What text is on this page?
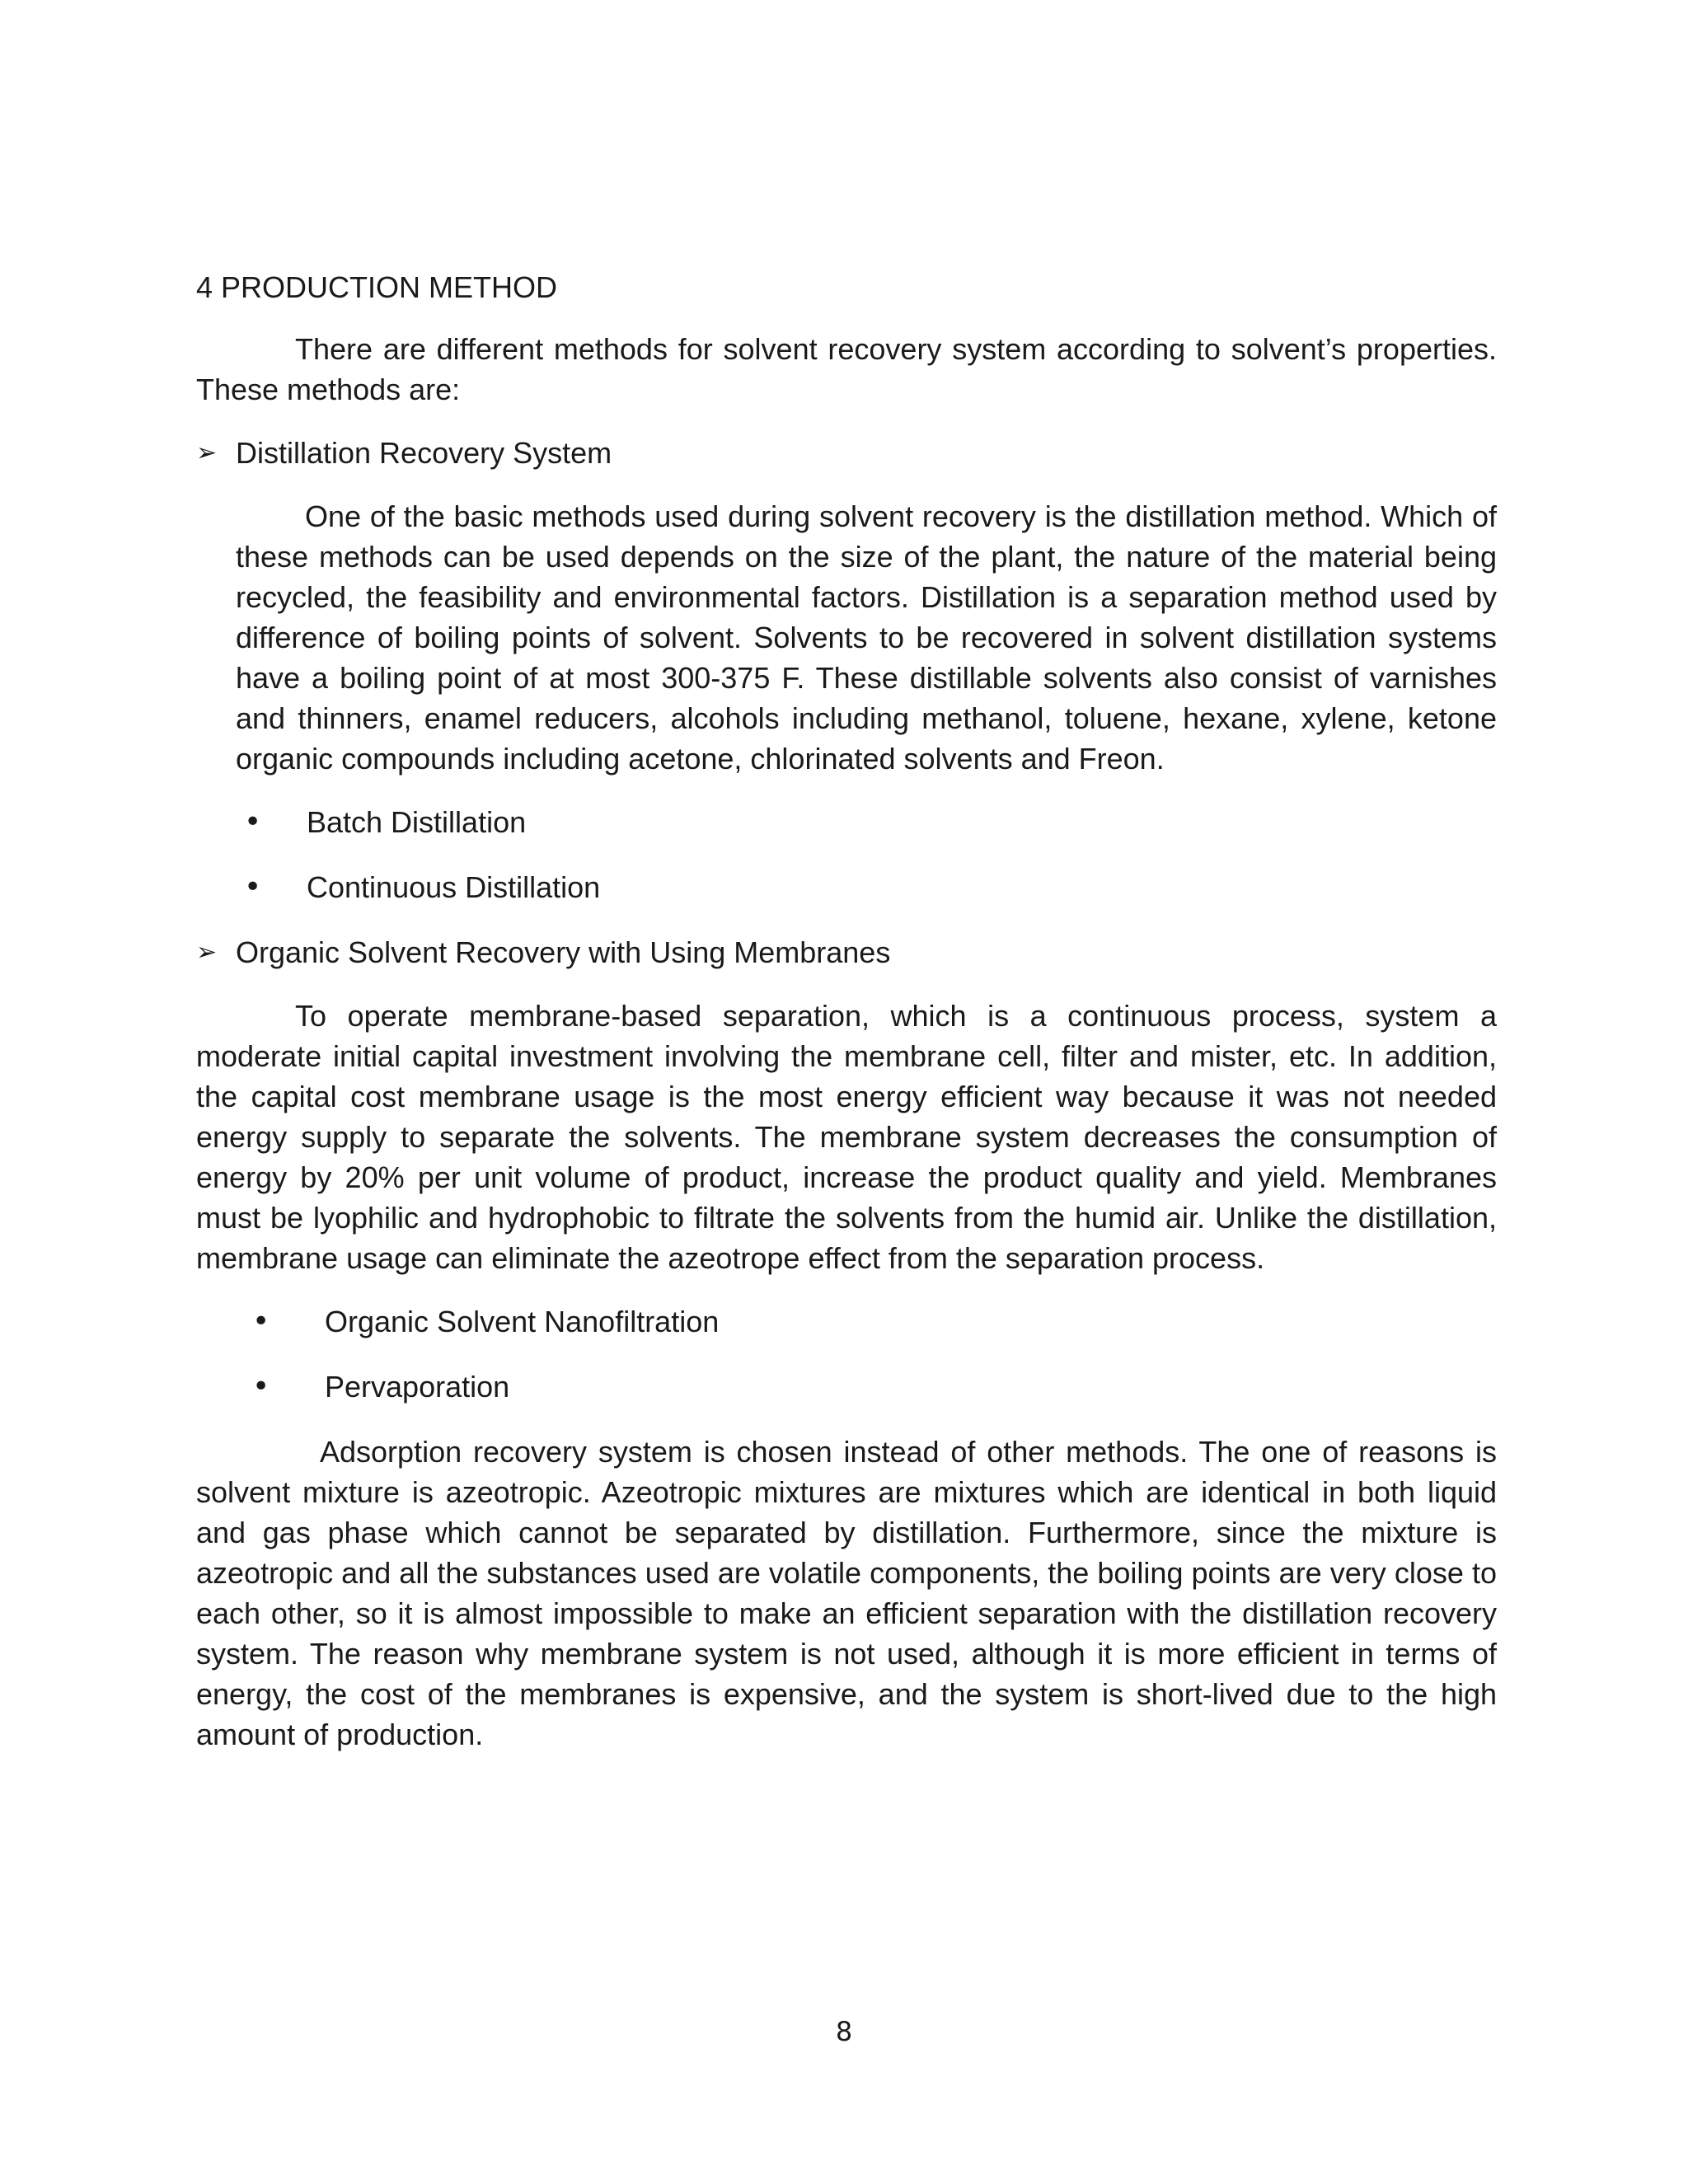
4 PRODUCTION METHOD

There are different methods for solvent recovery system according to solvent’s properties. These methods are:

➢ Distillation Recovery System

One of the basic methods used during solvent recovery is the distillation method. Which of these methods can be used depends on the size of the plant, the nature of the material being recycled, the feasibility and environmental factors. Distillation is a separation method used by difference of boiling points of solvent. Solvents to be recovered in solvent distillation systems have a boiling point of at most 300-375 F. These distillable solvents also consist of varnishes and thinners, enamel reducers, alcohols including methanol, toluene, hexane, xylene, ketone organic compounds including acetone, chlorinated solvents and Freon.

•	Batch Distillation
•	Continuous Distillation
➢ Organic Solvent Recovery with Using Membranes

To operate membrane-based separation, which is a continuous process, system a moderate initial capital investment involving the membrane cell, filter and mister, etc. In addition, the capital cost membrane usage is the most energy efficient way because it was not needed energy supply to separate the solvents. The membrane system decreases the consumption of energy by 20% per unit volume of product, increase the product quality and yield. Membranes must be lyophilic and hydrophobic to filtrate the solvents from the humid air. Unlike the distillation, membrane usage can eliminate the azeotrope effect from the separation process.

•	Organic Solvent Nanofiltration
•	Pervaporation

Adsorption recovery system is chosen instead of other methods. The one of reasons is solvent mixture is azeotropic. Azeotropic mixtures are mixtures which are identical in both liquid and gas phase which cannot be separated by distillation. Furthermore, since the mixture is azeotropic and all the substances used are volatile components, the boiling points are very close to each other, so it is almost impossible to make an efficient separation with the distillation recovery system. The reason why membrane system is not used, although it is more efficient in terms of energy, the cost of the membranes is expensive, and the system is short-lived due to the high amount of production.

8
